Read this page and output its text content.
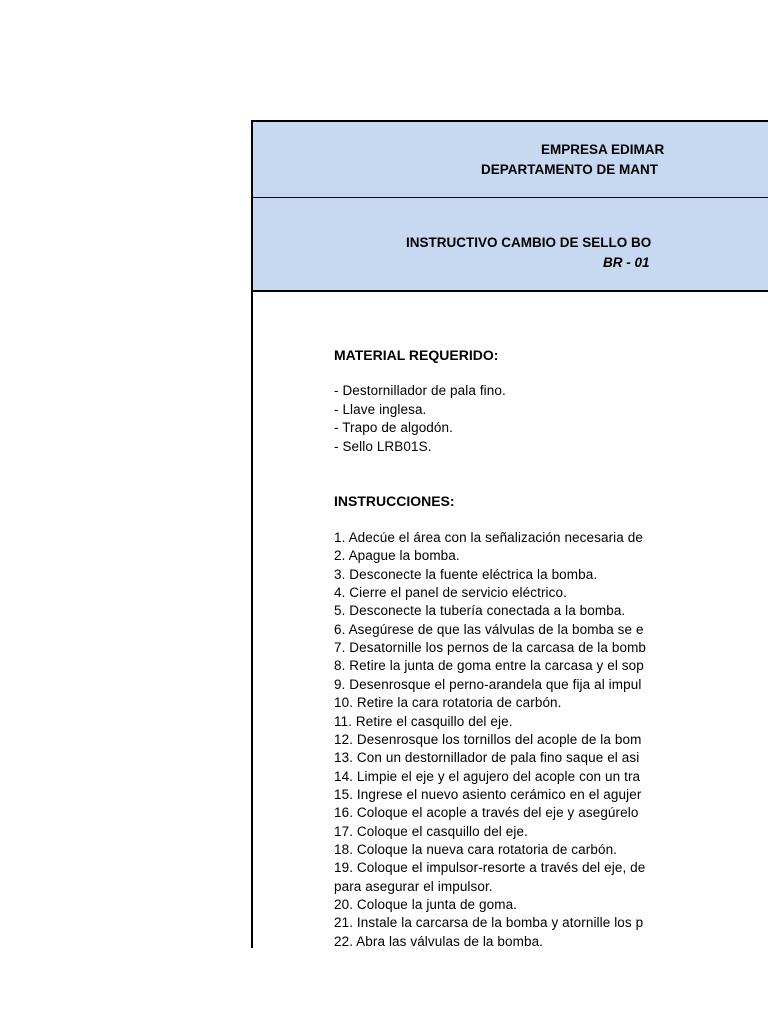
EMPRESA EDIMAR
DEPARTAMENTO DE MANT
INSTRUCTIVO CAMBIO DE SELLO BO
BR - 01
MATERIAL REQUERIDO:
- Destornillador de pala fino.
- Llave inglesa.
- Trapo de algodón.
- Sello LRB01S.
INSTRUCCIONES:
1. Adecúe el área con la señalización necesaria de
2. Apague la bomba.
3. Desconecte la fuente eléctrica la bomba.
4. Cierre el panel de servicio eléctrico.
5. Desconecte la tubería conectada a la bomba.
6. Asegúrese de que las válvulas de la bomba se e
7. Desatornille los pernos de la carcasa de la bomb
8. Retire la junta de goma entre la carcasa y el sop
9. Desenrosque el perno-arandela que fija al impul
10. Retire la cara rotatoria de carbón.
11. Retire el casquillo del eje.
12. Desenrosque los tornillos del acople de la bom
13. Con un destornillador de pala fino saque el asi
14. Limpie el eje y el agujero del acople con un tra
15. Ingrese el nuevo asiento cerámico en el agujer
16. Coloque el acople a través del eje y asegúrelo
17. Coloque el casquillo del eje.
18. Coloque la nueva cara rotatoria de carbón.
19. Coloque el impulsor-resorte a través del eje, de
para asegurar el impulsor.
20. Coloque la junta de goma.
21. Instale la carcarsa de la bomba y atornille los p
22. Abra las válvulas de la bomba.
